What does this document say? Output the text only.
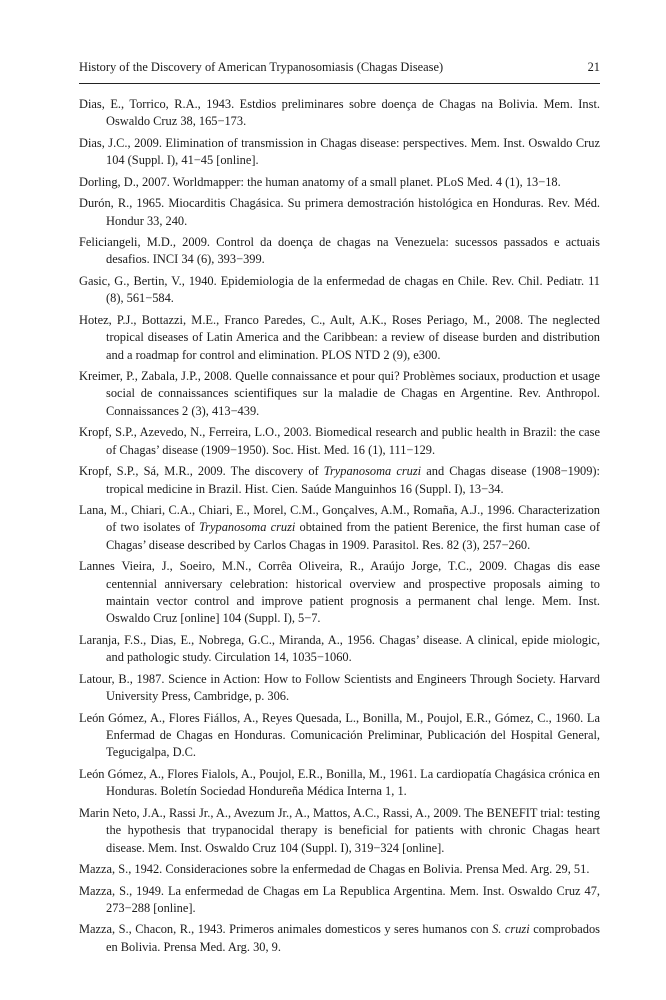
History of the Discovery of American Trypanosomiasis (Chagas Disease)	21

Dias, E., Torrico, R.A., 1943. Estdios preliminares sobre doença de Chagas na Bolivia. Mem. Inst. Oswaldo Cruz 38, 165−173.

Dias, J.C., 2009. Elimination of transmission in Chagas disease: perspectives. Mem. Inst. Oswaldo Cruz 104 (Suppl. I), 41−45 [online].

Dorling, D., 2007. Worldmapper: the human anatomy of a small planet. PLoS Med. 4 (1), 13−18.

Durón, R., 1965. Miocarditis Chagásica. Su primera demostración histológica en Honduras. Rev. Méd. Hondur 33, 240.

Feliciangeli, M.D., 2009. Control da doença de chagas na Venezuela: sucessos passados e actuais desafios. INCI 34 (6), 393−399.

Gasic, G., Bertin, V., 1940. Epidemiologia de la enfermedad de chagas en Chile. Rev. Chil. Pediatr. 11 (8), 561−584.

Hotez, P.J., Bottazzi, M.E., Franco Paredes, C., Ault, A.K., Roses Periago, M., 2008. The neglected tropical diseases of Latin America and the Caribbean: a review of disease burden and distribution and a roadmap for control and elimination. PLOS NTD 2 (9), e300.

Kreimer, P., Zabala, J.P., 2008. Quelle connaissance et pour qui? Problèmes sociaux, production et usage social de connaissances scientifiques sur la maladie de Chagas en Argentine. Rev. Anthropol. Connaissances 2 (3), 413−439.

Kropf, S.P., Azevedo, N., Ferreira, L.O., 2003. Biomedical research and public health in Brazil: the case of Chagas’ disease (1909−1950). Soc. Hist. Med. 16 (1), 111−129.

Kropf, S.P., Sá, M.R., 2009. The discovery of Trypanosoma cruzi and Chagas disease (1908−1909): tropical medicine in Brazil. Hist. Cien. Saúde Manguinhos 16 (Suppl. I), 13−34.

Lana, M., Chiari, C.A., Chiari, E., Morel, C.M., Gonçalves, A.M., Romaña, A.J., 1996. Characterization of two isolates of Trypanosoma cruzi obtained from the patient Berenice, the first human case of Chagas’ disease described by Carlos Chagas in 1909. Parasitol. Res. 82 (3), 257−260.

Lannes Vieira, J., Soeiro, M.N., Corrêa Oliveira, R., Araújo Jorge, T.C., 2009. Chagas dis ease centennial anniversary celebration: historical overview and prospective proposals aiming to maintain vector control and improve patient prognosis a permanent chal lenge. Mem. Inst. Oswaldo Cruz [online] 104 (Suppl. I), 5−7.

Laranja, F.S., Dias, E., Nobrega, G.C., Miranda, A., 1956. Chagas’ disease. A clinical, epide miologic, and pathologic study. Circulation 14, 1035−1060.

Latour, B., 1987. Science in Action: How to Follow Scientists and Engineers Through Society. Harvard University Press, Cambridge, p. 306.

León Gómez, A., Flores Fiállos, A., Reyes Quesada, L., Bonilla, M., Poujol, E.R., Gómez, C., 1960. La Enfermad de Chagas en Honduras. Comunicación Preliminar, Publicación del Hospital General, Tegucigalpa, D.C.

León Gómez, A., Flores Fialols, A., Poujol, E.R., Bonilla, M., 1961. La cardiopatía Chagásica crónica en Honduras. Boletín Sociedad Hondureña Médica Interna 1, 1.

Marin Neto, J.A., Rassi Jr., A., Avezum Jr., A., Mattos, A.C., Rassi, A., 2009. The BENEFIT trial: testing the hypothesis that trypanocidal therapy is beneficial for patients with chronic Chagas heart disease. Mem. Inst. Oswaldo Cruz 104 (Suppl. I), 319−324 [online].

Mazza, S., 1942. Consideraciones sobre la enfermedad de Chagas en Bolivia. Prensa Med. Arg. 29, 51.

Mazza, S., 1949. La enfermedad de Chagas em La Republica Argentina. Mem. Inst. Oswaldo Cruz 47, 273−288 [online].

Mazza, S., Chacon, R., 1943. Primeros animales domesticos y seres humanos con S. cruzi comprobados en Bolivia. Prensa Med. Arg. 30, 9.
